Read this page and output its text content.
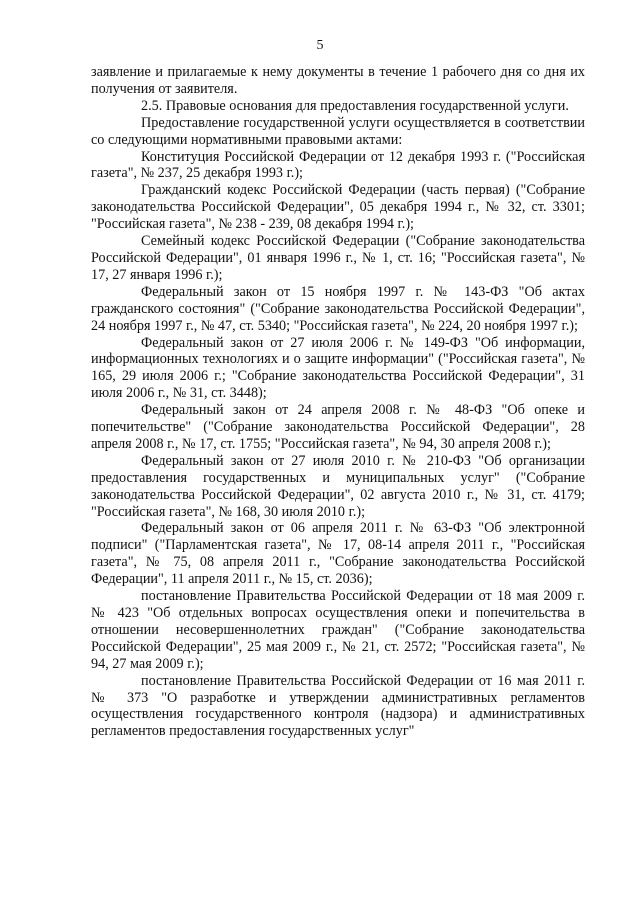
5

заявление и прилагаемые к нему документы в течение 1 рабочего дня со дня их получения от заявителя.

2.5. Правовые основания для предоставления государственной услуги.

Предоставление государственной услуги осуществляется в соответствии со следующими нормативными правовыми актами:

Конституция Российской Федерации от 12 декабря 1993 г. ("Российская газета", № 237, 25 декабря 1993 г.);

Гражданский кодекс Российской Федерации (часть первая) ("Собрание законодательства Российской Федерации", 05 декабря 1994 г., № 32, ст. 3301; "Российская газета", № 238 - 239, 08 декабря 1994 г.);

Семейный кодекс Российской Федерации ("Собрание законодательства Российской Федерации", 01 января 1996 г., № 1, ст. 16; "Российская газета", № 17, 27 января 1996 г.);

Федеральный закон от 15 ноября 1997 г. № 143-ФЗ "Об актах гражданского состояния" ("Собрание законодательства Российской Федерации", 24 ноября 1997 г., № 47, ст. 5340; "Российская газета", № 224, 20 ноября 1997 г.);

Федеральный закон от 27 июля 2006 г. № 149-ФЗ "Об информации, информационных технологиях и о защите информации" ("Российская газета", № 165, 29 июля 2006 г.; "Собрание законодательства Российской Федерации", 31 июля 2006 г., № 31, ст. 3448);

Федеральный закон от 24 апреля 2008 г. № 48-ФЗ "Об опеке и попечительстве" ("Собрание законодательства Российской Федерации", 28 апреля 2008 г., № 17, ст. 1755; "Российская газета", № 94, 30 апреля 2008 г.);

Федеральный закон от 27 июля 2010 г. № 210-ФЗ "Об организации предоставления государственных и муниципальных услуг" ("Собрание законодательства Российской Федерации", 02 августа 2010 г., № 31, ст. 4179; "Российская газета", № 168, 30 июля 2010 г.);

Федеральный закон от 06 апреля 2011 г. № 63-ФЗ "Об электронной подписи" ("Парламентская газета", № 17, 08-14 апреля 2011 г., "Российская газета", № 75, 08 апреля 2011 г., "Собрание законодательства Российской Федерации", 11 апреля 2011 г., № 15, ст. 2036);

постановление Правительства Российской Федерации от 18 мая 2009 г. № 423 "Об отдельных вопросах осуществления опеки и попечительства в отношении несовершеннолетних граждан" ("Собрание законодательства Российской Федерации", 25 мая 2009 г., № 21, ст. 2572; "Российская газета", № 94, 27 мая 2009 г.);

постановление Правительства Российской Федерации от 16 мая 2011 г. № 373 "О разработке и утверждении административных регламентов осуществления государственного контроля (надзора) и административных регламентов предоставления государственных услуг"
